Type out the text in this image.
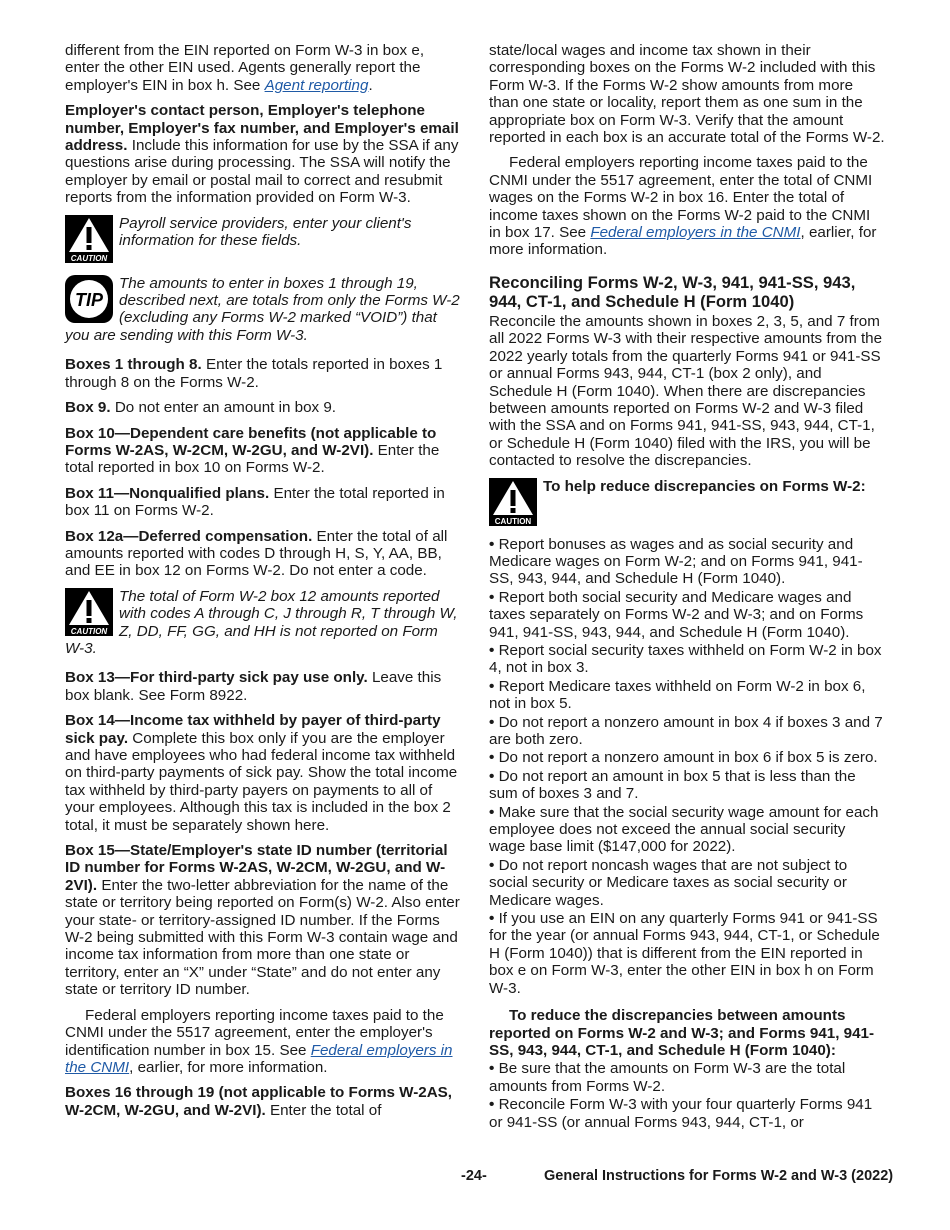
different from the EIN reported on Form W-3 in box e, enter the other EIN used. Agents generally report the employer's EIN in box h. See Agent reporting.

Employer's contact person, Employer's telephone number, Employer's fax number, and Employer's email address. Include this information for use by the SSA if any questions arise during processing. The SSA will notify the employer by email or postal mail to correct and resubmit reports from the information provided on Form W-3.

CAUTION
Payroll service providers, enter your client's information for these fields.
TIP
The amounts to enter in boxes 1 through 19, described next, are totals from only the Forms W-2 (excluding any Forms W-2 marked “VOID”) that you are sending with this Form W-3.

Boxes 1 through 8. Enter the totals reported in boxes 1 through 8 on the Forms W-2.

Box 9. Do not enter an amount in box 9.

Box 10—Dependent care benefits (not applicable to Forms W-2AS, W-2CM, W-2GU, and W-2VI). Enter the total reported in box 10 on Forms W-2.

Box 11—Nonqualified plans. Enter the total reported in box 11 on Forms W-2.

Box 12a—Deferred compensation. Enter the total of all amounts reported with codes D through H, S, Y, AA, BB, and EE in box 12 on Forms W-2. Do not enter a code.

CAUTION
The total of Form W-2 box 12 amounts reported with codes A through C, J through R, T through W, Z, DD, FF, GG, and HH is not reported on Form W-3.

Box 13—For third-party sick pay use only. Leave this box blank. See Form 8922.

Box 14—Income tax withheld by payer of third-party sick pay. Complete this box only if you are the employer and have employees who had federal income tax withheld on third-party payments of sick pay. Show the total income tax withheld by third-party payers on payments to all of your employees. Although this tax is included in the box 2 total, it must be separately shown here.

Box 15—State/Employer's state ID number (territorial ID number for Forms W-2AS, W-2CM, W-2GU, and W-2VI). Enter the two-letter abbreviation for the name of the state or territory being reported on Form(s) W-2. Also enter your state- or territory-assigned ID number. If the Forms W-2 being submitted with this Form W-3 contain wage and income tax information from more than one state or territory, enter an “X” under “State” and do not enter any state or territory ID number.

Federal employers reporting income taxes paid to the CNMI under the 5517 agreement, enter the employer's identification number in box 15. See Federal employers in the CNMI, earlier, for more information.

Boxes 16 through 19 (not applicable to Forms W-2AS, W-2CM, W-2GU, and W-2VI). Enter the total of

state/local wages and income tax shown in their corresponding boxes on the Forms W-2 included with this Form W-3. If the Forms W-2 show amounts from more than one state or locality, report them as one sum in the appropriate box on Form W-3. Verify that the amount reported in each box is an accurate total of the Forms W-2.

Federal employers reporting income taxes paid to the CNMI under the 5517 agreement, enter the total of CNMI wages on the Forms W-2 in box 16. Enter the total of income taxes shown on the Forms W-2 paid to the CNMI in box 17. See Federal employers in the CNMI, earlier, for more information.

Reconciling Forms W-2, W-3, 941, 941-SS, 943, 944, CT-1, and Schedule H (Form 1040)

Reconcile the amounts shown in boxes 2, 3, 5, and 7 from all 2022 Forms W-3 with their respective amounts from the 2022 yearly totals from the quarterly Forms 941 or 941-SS or annual Forms 943, 944, CT-1 (box 2 only), and Schedule H (Form 1040). When there are discrepancies between amounts reported on Forms W-2 and W-3 filed with the SSA and on Forms 941, 941-SS, 943, 944, CT-1, or Schedule H (Form 1040) filed with the IRS, you will be contacted to resolve the discrepancies.

CAUTION
To help reduce discrepancies on Forms W-2:
• Report bonuses as wages and as social security and Medicare wages on Form W-2; and on Forms 941, 941-SS, 943, 944, and Schedule H (Form 1040).
• Report both social security and Medicare wages and taxes separately on Forms W-2 and W-3; and on Forms 941, 941-SS, 943, 944, and Schedule H (Form 1040).
• Report social security taxes withheld on Form W-2 in box 4, not in box 3.
• Report Medicare taxes withheld on Form W-2 in box 6, not in box 5.
• Do not report a nonzero amount in box 4 if boxes 3 and 7 are both zero.
• Do not report a nonzero amount in box 6 if box 5 is zero.
• Do not report an amount in box 5 that is less than the sum of boxes 3 and 7.
• Make sure that the social security wage amount for each employee does not exceed the annual social security wage base limit ($147,000 for 2022).
• Do not report noncash wages that are not subject to social security or Medicare taxes as social security or Medicare wages.
• If you use an EIN on any quarterly Forms 941 or 941-SS for the year (or annual Forms 943, 944, CT-1, or Schedule H (Form 1040)) that is different from the EIN reported in box e on Form W-3, enter the other EIN in box h on Form W-3.

To reduce the discrepancies between amounts reported on Forms W-2 and W-3; and Forms 941, 941-SS, 943, 944, CT-1, and Schedule H (Form 1040):

• Be sure that the amounts on Form W-3 are the total amounts from Forms W-2.
• Reconcile Form W-3 with your four quarterly Forms 941 or 941-SS (or annual Forms 943, 944, CT-1, or
-24-	General Instructions for Forms W-2 and W-3 (2022)
